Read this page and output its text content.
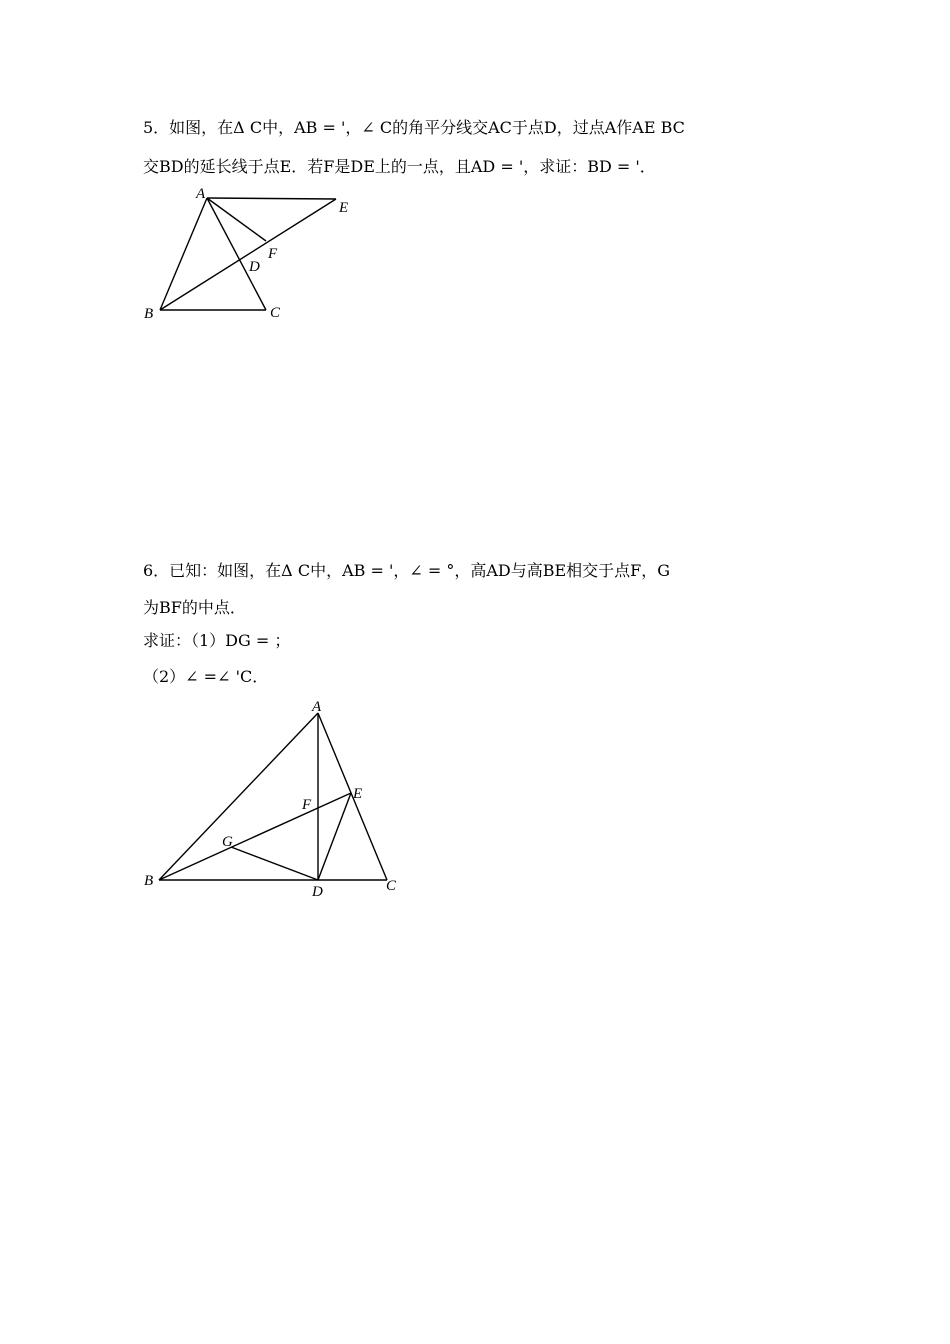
5．如图，在Δ C中，AB = '，∠ C的角平分线交AC于点D，过点A作AE BC
交BD的延长线于点E．若F是DE上的一点，且AD = '，求证：BD = '．
A
E
F
D
B	C
6．已知：如图，在Δ C中，AB = '，∠ = °，高AD与高BE相交于点F，G
为BF的中点．
求证：（1）DG = ；
（2）∠ =∠ 'C．
A
E
F
G
B
D	C
